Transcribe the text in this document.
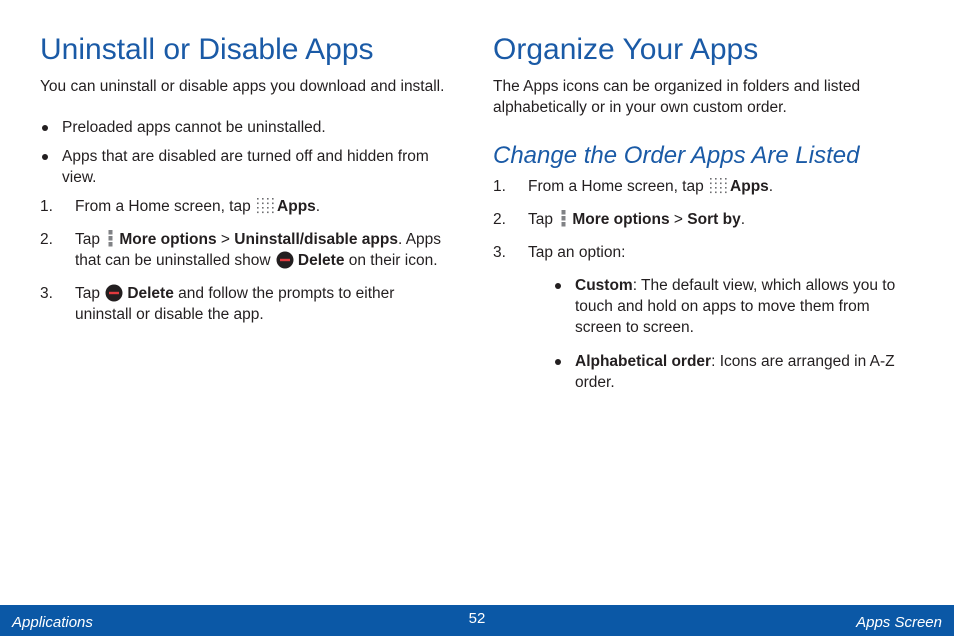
Uninstall or Disable Apps

You can uninstall or disable apps you download and install.

Preloaded apps cannot be uninstalled.
Apps that are disabled are turned off and hidden from view.
1. From a Home screen, tap Apps.
2. Tap More options > Uninstall/disable apps. Apps that can be uninstalled show Delete on their icon.
3. Tap Delete and follow the prompts to either uninstall or disable the app.
Organize Your Apps

The Apps icons can be organized in folders and listed alphabetically or in your own custom order.

Change the Order Apps Are Listed
1. From a Home screen, tap Apps.
2. Tap More options > Sort by.
3. Tap an option:
Custom: The default view, which allows you to touch and hold on apps to move them from screen to screen.
Alphabetical order: Icons are arranged in A-Z order.
Applications	52	Apps Screen
